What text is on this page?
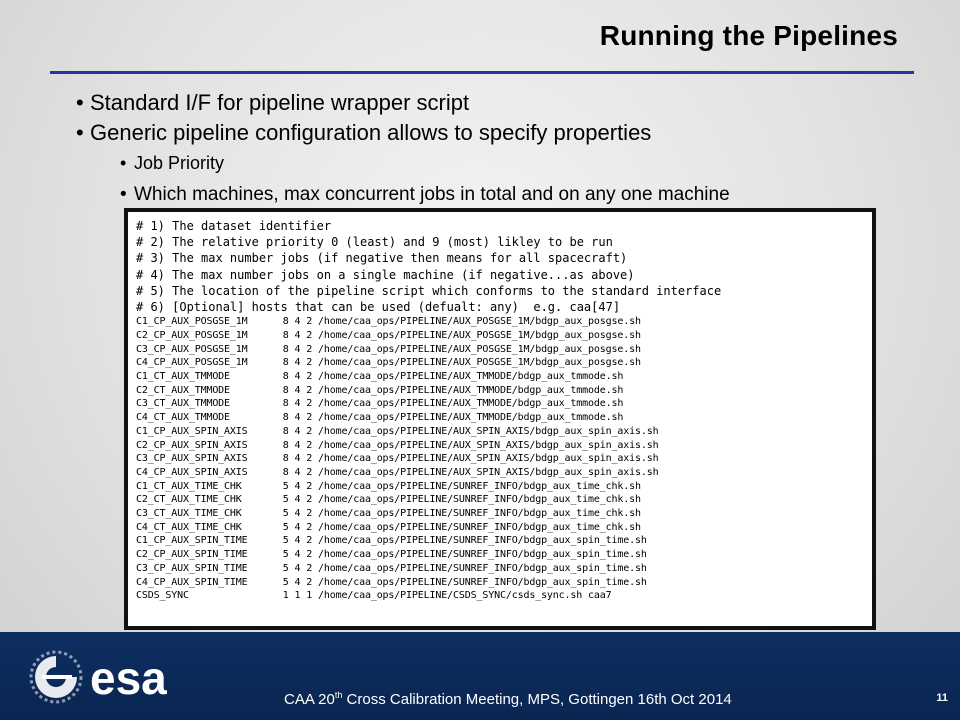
Running the Pipelines
• Standard I/F for pipeline wrapper script
• Generic pipeline configuration allows to specify properties
• Job Priority
• Which machines, max concurrent jobs in total and on any one machine
# 1) The dataset identifier
# 2) The relative priority 0 (least) and 9 (most) likley to be run
# 3) The max number jobs (if negative then means for all spacecraft)
# 4) The max number jobs on a single machine (if negative...as above)
# 5) The location of the pipeline script which conforms to the standard interface
# 6) [Optional] hosts that can be used (defualt: any)  e.g. caa[47]
C1_CP_AUX_POSGSE_1M      8 4 2 /home/caa_ops/PIPELINE/AUX_POSGSE_1M/bdgp_aux_posgse.sh
C2_CP_AUX_POSGSE_1M      8 4 2 /home/caa_ops/PIPELINE/AUX_POSGSE_1M/bdgp_aux_posgse.sh
C3_CP_AUX_POSGSE_1M      8 4 2 /home/caa_ops/PIPELINE/AUX_POSGSE_1M/bdgp_aux_posgse.sh
C4_CP_AUX_POSGSE_1M      8 4 2 /home/caa_ops/PIPELINE/AUX_POSGSE_1M/bdgp_aux_posgse.sh
C1_CT_AUX_TMMODE         8 4 2 /home/caa_ops/PIPELINE/AUX_TMMODE/bdgp_aux_tmmode.sh
C2_CT_AUX_TMMODE         8 4 2 /home/caa_ops/PIPELINE/AUX_TMMODE/bdgp_aux_tmmode.sh
C3_CT_AUX_TMMODE         8 4 2 /home/caa_ops/PIPELINE/AUX_TMMODE/bdgp_aux_tmmode.sh
C4_CT_AUX_TMMODE         8 4 2 /home/caa_ops/PIPELINE/AUX_TMMODE/bdgp_aux_tmmode.sh
C1_CP_AUX_SPIN_AXIS      8 4 2 /home/caa_ops/PIPELINE/AUX_SPIN_AXIS/bdgp_aux_spin_axis.sh
C2_CP_AUX_SPIN_AXIS      8 4 2 /home/caa_ops/PIPELINE/AUX_SPIN_AXIS/bdgp_aux_spin_axis.sh
C3_CP_AUX_SPIN_AXIS      8 4 2 /home/caa_ops/PIPELINE/AUX_SPIN_AXIS/bdgp_aux_spin_axis.sh
C4_CP_AUX_SPIN_AXIS      8 4 2 /home/caa_ops/PIPELINE/AUX_SPIN_AXIS/bdgp_aux_spin_axis.sh
C1_CT_AUX_TIME_CHK       5 4 2 /home/caa_ops/PIPELINE/SUNREF_INFO/bdgp_aux_time_chk.sh
C2_CT_AUX_TIME_CHK       5 4 2 /home/caa_ops/PIPELINE/SUNREF_INFO/bdgp_aux_time_chk.sh
C3_CT_AUX_TIME_CHK       5 4 2 /home/caa_ops/PIPELINE/SUNREF_INFO/bdgp_aux_time_chk.sh
C4_CT_AUX_TIME_CHK       5 4 2 /home/caa_ops/PIPELINE/SUNREF_INFO/bdgp_aux_time_chk.sh
C1_CP_AUX_SPIN_TIME      5 4 2 /home/caa_ops/PIPELINE/SUNREF_INFO/bdgp_aux_spin_time.sh
C2_CP_AUX_SPIN_TIME      5 4 2 /home/caa_ops/PIPELINE/SUNREF_INFO/bdgp_aux_spin_time.sh
C3_CP_AUX_SPIN_TIME      5 4 2 /home/caa_ops/PIPELINE/SUNREF_INFO/bdgp_aux_spin_time.sh
C4_CP_AUX_SPIN_TIME      5 4 2 /home/caa_ops/PIPELINE/SUNREF_INFO/bdgp_aux_spin_time.sh
CSDS_SYNC                1 1 1 /home/caa_ops/PIPELINE/CSDS_SYNC/csds_sync.sh caa7
esa	CAA 20th Cross Calibration Meeting, MPS, Gottingen 16th Oct 2014	11
